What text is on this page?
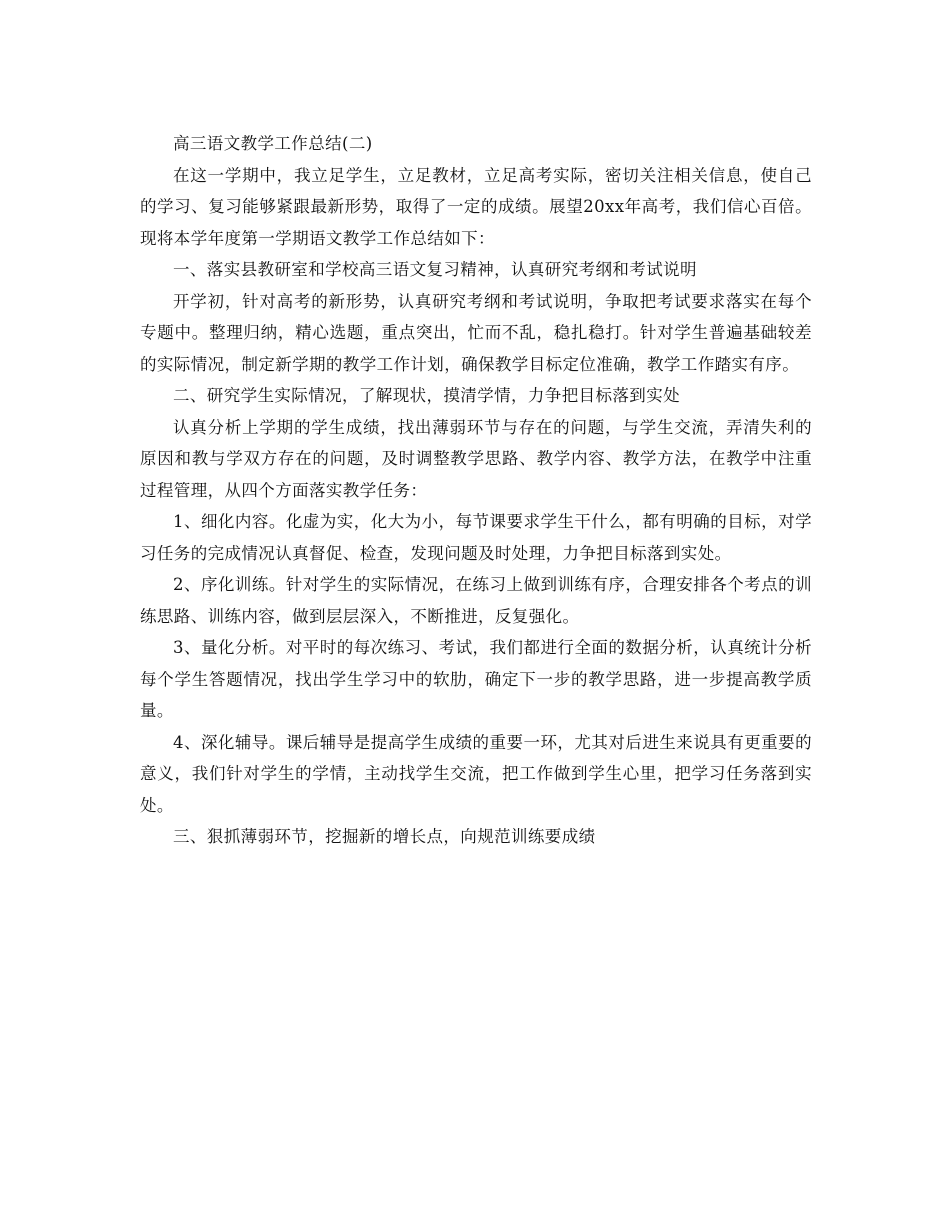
高三语文教学工作总结(二)

在这一学期中，我立足学生，立足教材，立足高考实际，密切关注相关信息，使自己的学习、复习能够紧跟最新形势，取得了一定的成绩。展望20xx年高考，我们信心百倍。现将本学年度第一学期语文教学工作总结如下：

一、落实县教研室和学校高三语文复习精神，认真研究考纲和考试说明

开学初，针对高考的新形势，认真研究考纲和考试说明，争取把考试要求落实在每个专题中。整理归纳，精心选题，重点突出，忙而不乱，稳扎稳打。针对学生普遍基础较差的实际情况，制定新学期的教学工作计划，确保教学目标定位准确，教学工作踏实有序。

二、研究学生实际情况，了解现状，摸清学情，力争把目标落到实处

认真分析上学期的学生成绩，找出薄弱环节与存在的问题，与学生交流，弄清失利的原因和教与学双方存在的问题，及时调整教学思路、教学内容、教学方法，在教学中注重过程管理，从四个方面落实教学任务：

1、细化内容。化虚为实，化大为小，每节课要求学生干什么，都有明确的目标，对学习任务的完成情况认真督促、检查，发现问题及时处理，力争把目标落到实处。

2、序化训练。针对学生的实际情况，在练习上做到训练有序，合理安排各个考点的训练思路、训练内容，做到层层深入，不断推进，反复强化。

3、量化分析。对平时的每次练习、考试，我们都进行全面的数据分析，认真统计分析每个学生答题情况，找出学生学习中的软肋，确定下一步的教学思路，进一步提高教学质量。

4、深化辅导。课后辅导是提高学生成绩的重要一环，尤其对后进生来说具有更重要的意义，我们针对学生的学情，主动找学生交流，把工作做到学生心里，把学习任务落到实处。

三、狠抓薄弱环节，挖掘新的增长点，向规范训练要成绩
